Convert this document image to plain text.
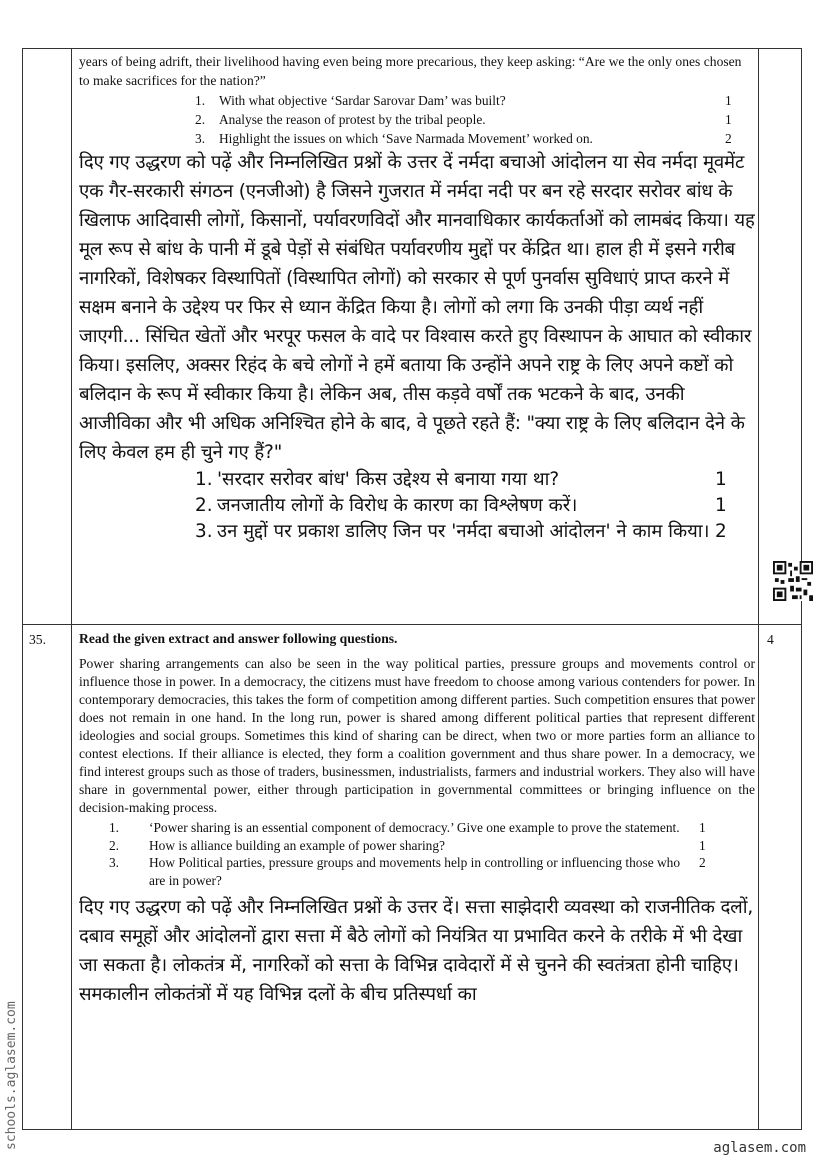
years of being adrift, their livelihood having even being more precarious, they keep asking: “Are we the only ones chosen to make sacrifices for the nation?”
1.	With what objective ‘Sardar Sarovar Dam’ was built?	1
2.	Analyse the reason of protest by the tribal people.	1
3.	Highlight the issues on which ‘Save Narmada Movement’ worked on.	2
दिए गए उद्धरण को पढ़ें और निम्नलिखित प्रश्नों के उत्तर दें नर्मदा बचाओ आंदोलन या सेव नर्मदा मूवमेंट एक गैर-सरकारी संगठन (एनजीओ) है जिसने गुजरात में नर्मदा नदी पर बन रहे सरदार सरोवर बांध के खिलाफ आदिवासी लोगों, किसानों, पर्यावरणविदों और मानवाधिकार कार्यकर्ताओं को लामबंद किया। यह मूल रूप से बांध के पानी में डूबे पेड़ों से संबंधित पर्यावरणीय मुद्दों पर केंद्रित था। हाल ही में इसने गरीब नागरिकों, विशेषकर विस्थापितों (विस्थापित लोगों) को सरकार से पूर्ण पुनर्वास सुविधाएं प्राप्त करने में सक्षम बनाने के उद्देश्य पर फिर से ध्यान केंद्रित किया है। लोगों को लगा कि उनकी पीड़ा व्यर्थ नहीं जाएगी... सिंचित खेतों और भरपूर फसल के वादे पर विश्वास करते हुए विस्थापन के आघात को स्वीकार किया। इसलिए, अक्सर रिहंद के बचे लोगों ने हमें बताया कि उन्होंने अपने राष्ट्र के लिए अपने कष्टों को बलिदान के रूप में स्वीकार किया है। लेकिन अब, तीस कड़वे वर्षों तक भटकने के बाद, उनकी आजीविका और भी अधिक अनिश्चित होने के बाद, वे पूछते रहते हैं: "क्या राष्ट्र के लिए बलिदान देने के लिए केवल हम ही चुने गए हैं?"
1. 'सरदार सरोवर बांध' किस उद्देश्य से बनाया गया था?	1
2. जनजातीय लोगों के विरोध के कारण का विश्लेषण करें।	1
3. उन मुद्दों पर प्रकाश डालिए जिन पर 'नर्मदा बचाओ आंदोलन' ने काम किया। 2
35.	4
Read the given extract and answer following questions.
Power sharing arrangements can also be seen in the way political parties, pressure groups and movements control or influence those in power. In a democracy, the citizens must have freedom to choose among various contenders for power. In contemporary democracies, this takes the form of competition among different parties. Such competition ensures that power does not remain in one hand. In the long run, power is shared among different political parties that represent different ideologies and social groups. Sometimes this kind of sharing can be direct, when two or more parties form an alliance to contest elections. If their alliance is elected, they form a coalition government and thus share power. In a democracy, we find interest groups such as those of traders, businessmen, industrialists, farmers and industrial workers. They also will have share in governmental power, either through participation in governmental committees or bringing influence on the decision-making process.
1.	‘Power sharing is an essential component of democracy.’ Give one example to prove the statement.	1
2.	How is alliance building an example of power sharing?	1
3.	How Political parties, pressure groups and movements help in controlling or influencing those who are in power?
2
दिए गए उद्धरण को पढ़ें और निम्नलिखित प्रश्नों के उत्तर दें। सत्ता साझेदारी व्यवस्था को राजनीतिक दलों, दबाव समूहों और आंदोलनों द्वारा सत्ता में बैठे लोगों को नियंत्रित या प्रभावित करने के तरीके में भी देखा जा सकता है। लोकतंत्र में, नागरिकों को सत्ता के विभिन्न दावेदारों में से चुनने की स्वतंत्रता होनी चाहिए। समकालीन लोकतंत्रों में यह विभिन्न दलों के बीच प्रतिस्पर्धा का
schools.aglasem.com	aglasem.com
